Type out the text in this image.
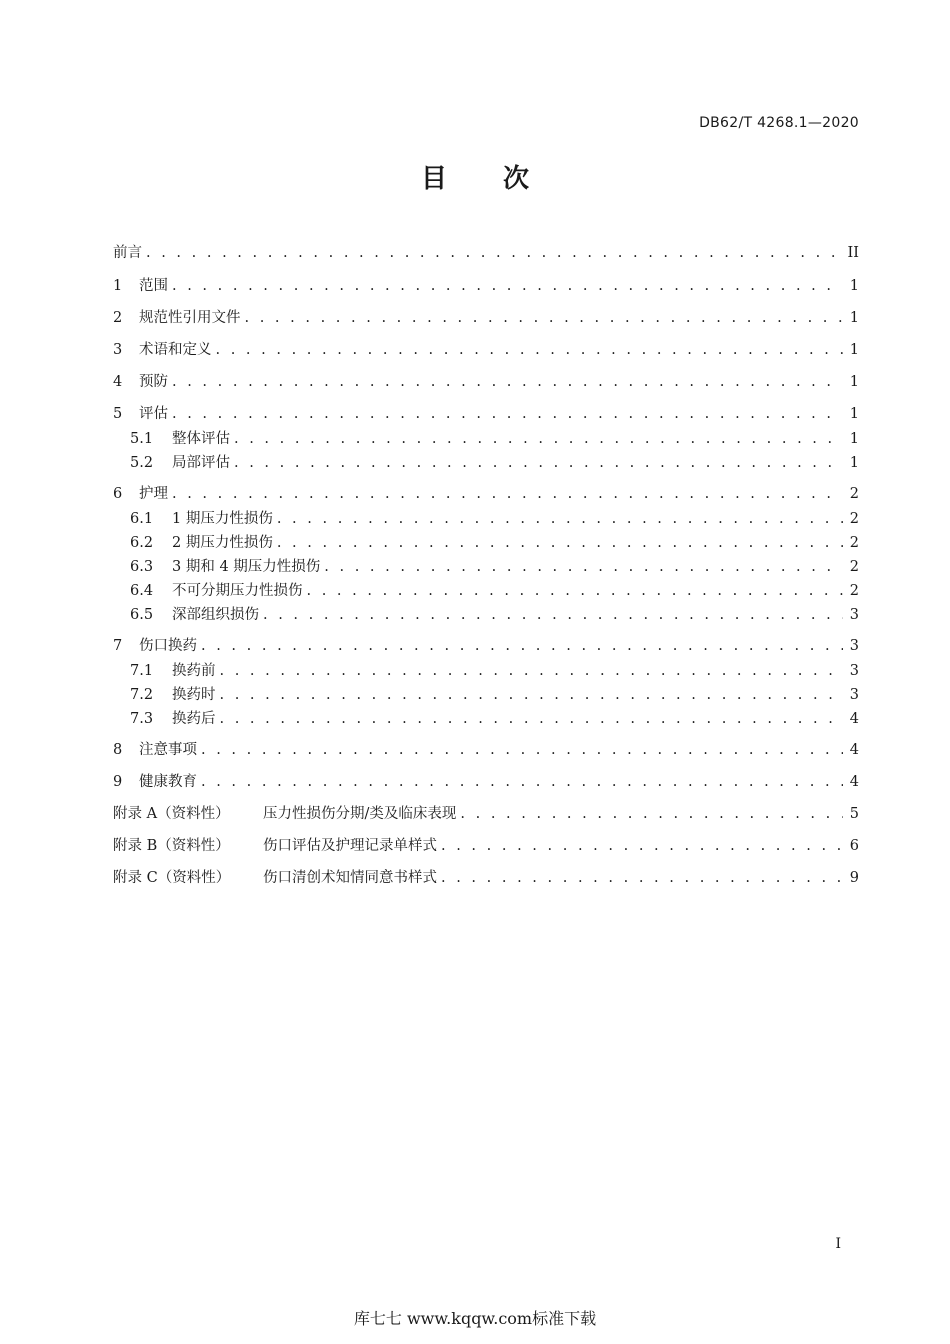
DB62/T 4268.1—2020
目 次
前言 . . .	II
1	范围 . . .	1
2	规范性引用文件 . . .	1
3	术语和定义 . . .	1
4	预防 . . .	1
5	评估 . . .	1
5.1	整体评估 . . .	1
5.2	局部评估 . . .	1
6	护理 . . .	2
6.1	1 期压力性损伤 . . .	2
6.2	2 期压力性损伤 . . .	2
6.3	3 期和 4 期压力性损伤 . . .	2
6.4	不可分期压力性损伤 . . .	2
6.5	深部组织损伤 . . .	3
7	伤口换药 . . .	3
7.1	换药前 . . .	3
7.2	换药时 . . .	3
7.3	换药后 . . .	4
8	注意事项 . . .	4
9	健康教育 . . .	4
附录 A（资料性）	压力性损伤分期/类及临床表现 . . .	5
附录 B（资料性）	伤口评估及护理记录单样式 . . .	6
附录 C（资料性）	伤口清创术知情同意书样式 . . .	9
I
库七七 www.kqqw.com标准下载
